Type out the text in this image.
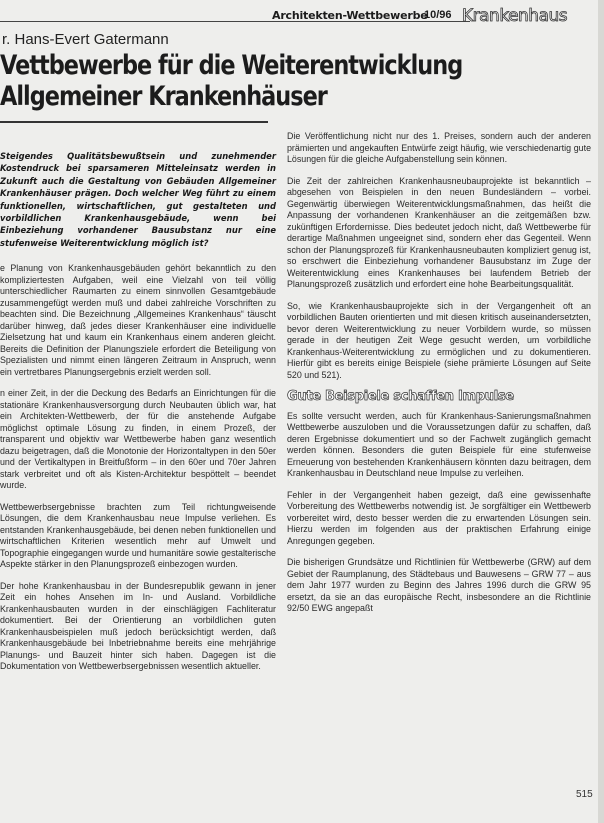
Architekten-Wettbewerbe
10/96 Krankenhaus
r. Hans-Evert Gatermann
Vettbewerbe für die Weiterentwicklung
Allgemeiner Krankenhäuser

Steigendes Qualitätsbewußtsein und zunehmender Kostendruck bei sparsameren Mitteleinsatz werden in Zukunft auch die Gestaltung von Gebäuden Allgemeiner Krankenhäuser prägen. Doch welcher Weg führt zu einem funktionellen, wirtschaftlichen, gut gestalteten und vorbildlichen Krankenhausgebäude, wenn bei Einbeziehung vorhandener Bausubstanz nur eine stufenweise Weiterentwicklung möglich ist?

e Planung von Krankenhausgebäuden gehört bekanntlich zu den kompliziertesten Aufgaben, weil eine Vielzahl von teil völlig unterschiedlicher Raumarten zu einem sinnvollen Gesamtgebäude zusammengefügt werden muß und dabei zahlreiche Vorschriften zu beachten sind. Die Bezeichnung „Allgemeines Krankenhaus“ täuscht darüber hinweg, daß jedes dieser Krankenhäuser eine individuelle Zielsetzung hat und kaum ein Krankenhaus einem anderen gleicht. Bereits die Definition der Planungsziele erfordert die Beteiligung von Spezialisten und nimmt einen längeren Zeitraum in Anspruch, wenn ein vertretbares Planungsergebnis erzielt werden soll.

n einer Zeit, in der die Deckung des Bedarfs an Einrichtungen für die stationäre Krankenhausversorgung durch Neubauten üblich war, hat ein Architekten-Wettbewerb, der für die anstehende Aufgabe möglichst optimale Lösung zu finden, in einem Prozeß, der transparent und objektiv war Wettbewerbe haben ganz wesentlich dazu beigetragen, daß die Monotonie der Horizontaltypen in den 50er und der Vertikaltypen in Breitfußform – in den 60er und 70er Jahren stark verbreitet und oft als Kisten-Architektur bespöttelt – beendet wurde.

Wettbewerbsergebnisse brachten zum Teil richtungweisende Lösungen, die dem Krankenhausbau neue Impulse verliehen. Es entstanden Krankenhausgebäude, bei denen neben funktionellen und wirtschaftlichen Kriterien wesentlich mehr auf Umwelt und Topographie eingegangen wurde und humanitäre sowie gestalterische Aspekte stärker in den Planungsprozeß einbezogen wurden.

Der hohe Krankenhausbau in der Bundesrepublik gewann in jener Zeit ein hohes Ansehen im In- und Ausland. Vorbildliche Krankenhausbauten wurden in der einschlägigen Fachliteratur dokumentiert. Bei der Orientierung an vorbildlichen guten Krankenhausbeispielen muß jedoch berücksichtigt werden, daß Krankenhausgebäude bei Inbetriebnahme bereits eine mehrjährige Planungs- und Bauzeit hinter sich haben. Dagegen ist die Dokumentation von Wettbewerbsergebnissen wesentlich aktueller.

Die Veröffentlichung nicht nur des 1. Preises, sondern auch der anderen prämierten und angekauften Entwürfe zeigt häufig, wie verschiedenartig gute Lösungen für die gleiche Aufgabenstellung sein können.

Die Zeit der zahlreichen Krankenhausneubauprojekte ist bekanntlich – abgesehen von Beispielen in den neuen Bundesländern – vorbei. Gegenwärtig überwiegen Weiterentwicklungsmaßnahmen, das heißt die Anpassung der vorhandenen Krankenhäuser an die zeitgemäßen bzw. zukünftigen Erfordernisse. Dies bedeutet jedoch nicht, daß Wettbewerbe für derartige Maßnahmen ungeeignet sind, sondern eher das Gegenteil. Wenn schon der Planungsprozeß für Krankenhausneubauten kompliziert genug ist, so erschwert die Einbeziehung vorhandener Bausubstanz im Zuge der Weiterentwicklung eines Krankenhauses bei laufendem Betrieb der Planungsprozeß zusätzlich und erfordert eine hohe Bearbeitungsqualität.

So, wie Krankenhausbauprojekte sich in der Vergangenheit oft an vorbildlichen Bauten orientierten und mit diesen kritisch auseinandersetzten, bevor deren Weiterentwicklung zu neuer Vorbildern wurde, so müssen gerade in der heutigen Zeit Wege gesucht werden, um vorbildliche Krankenhaus-Weiterentwicklung zu ermöglichen und zu dokumentieren. Hierfür gibt es bereits einige Beispiele (siehe prämierte Lösungen auf Seite 520 und 521).

Gute Beispiele schaffen Impulse

Es sollte versucht werden, auch für Krankenhaus-Sanierungsmaßnahmen Wettbewerbe auszuloben und die Voraussetzungen dafür zu schaffen, daß deren Ergebnisse dokumentiert und so der Fachwelt zugänglich gemacht werden können. Besonders die guten Beispiele für eine stufenweise Erneuerung von bestehenden Krankenhäusern könnten dazu beitragen, dem Krankenhausbau in Deutschland neue Impulse zu verleihen.

Fehler in der Vergangenheit haben gezeigt, daß eine gewissenhafte Vorbereitung des Wettbewerbs notwendig ist. Je sorgfältiger ein Wettbewerb vorbereitet wird, desto besser werden die zu erwartenden Lösungen sein. Hierzu werden im folgenden aus der praktischen Erfahrung einige Anregungen gegeben.

Die bisherigen Grundsätze und Richtlinien für Wettbewerbe (GRW) auf dem Gebiet der Raumplanung, des Städtebaus und Bauwesens – GRW 77 – aus dem Jahr 1977 wurden zu Beginn des Jahres 1996 durch die GRW 95 ersetzt, da sie an das europäische Recht, insbesondere an die Richtlinie 92/50 EWG angepaßt

515
